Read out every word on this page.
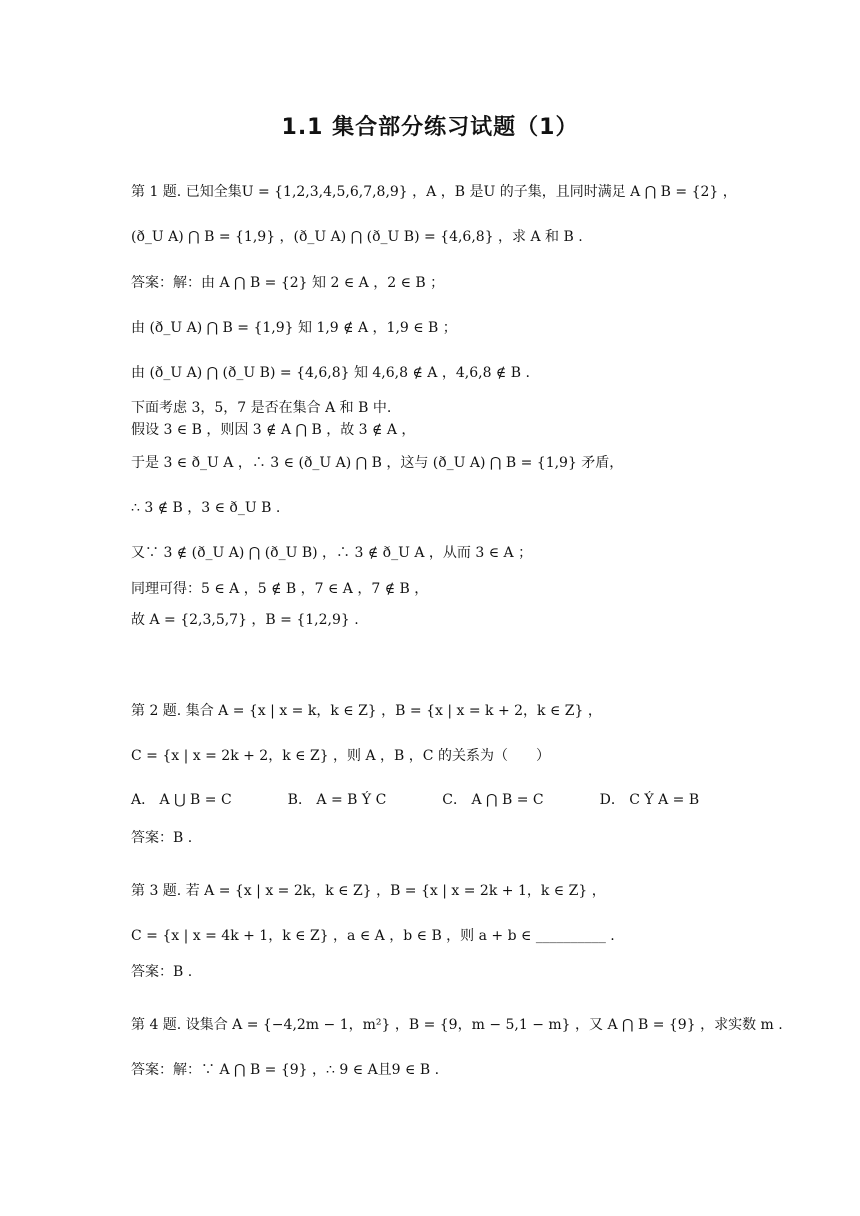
1.1 集合部分练习试题（1）
第 1 题. 已知全集U = {1,2,3,4,5,6,7,8,9} ，A ，B 是U 的子集，且同时满足 A ⋂ B = {2} ，
(ð_U A) ⋂ B = {1,9} ，(ð_U A) ⋂ (ð_U B) = {4,6,8} ，求 A 和 B .
答案：解：由 A ⋂ B = {2} 知 2 ∈ A ，2 ∈ B ；
由 (ð_U A) ⋂ B = {1,9} 知 1,9 ∉ A ，1,9 ∈ B ；
由 (ð_U A) ⋂ (ð_U B) = {4,6,8} 知 4,6,8 ∉ A ，4,6,8 ∉ B .
下面考虑 3，5，7 是否在集合 A 和 B 中.
假设 3 ∈ B ，则因 3 ∉ A ⋂ B ，故 3 ∉ A ，
于是 3 ∈ ð_U A ，∴ 3 ∈ (ð_U A) ⋂ B ，这与 (ð_U A) ⋂ B = {1,9} 矛盾，
∴ 3 ∉ B ，3 ∈ ð_U B .
又∵ 3 ∉ (ð_U A) ⋂ (ð_U B) ，∴ 3 ∉ ð_U A ，从而 3 ∈ A ；
同理可得：5 ∈ A ，5 ∉ B ，7 ∈ A ，7 ∉ B ，
故 A = {2,3,5,7} ，B = {1,2,9} .
第 2 题. 集合 A = {x | x = k，k ∈ Z} ，B = {x | x = k + 2，k ∈ Z} ，
C = {x | x = 2k + 2，k ∈ Z} ，则 A ，B ，C 的关系为（　　）
A． A ⋃ B = C　　　　B． A = B Ý C　　　　C． A ⋂ B = C　　　　D． C Ý A = B
答案：B .
第 3 题. 若 A = {x | x = 2k，k ∈ Z} ，B = {x | x = 2k + 1，k ∈ Z} ，
C = {x | x = 4k + 1，k ∈ Z} ，a ∈ A ，b ∈ B ，则 a + b ∈ __________ .
答案：B .
第 4 题. 设集合 A = {−4,2m − 1，m²} ，B = {9，m − 5,1 − m} ，又 A ⋂ B = {9} ，求实数 m .
答案：解：∵ A ⋂ B = {9} ，∴ 9 ∈ A且9 ∈ B .
